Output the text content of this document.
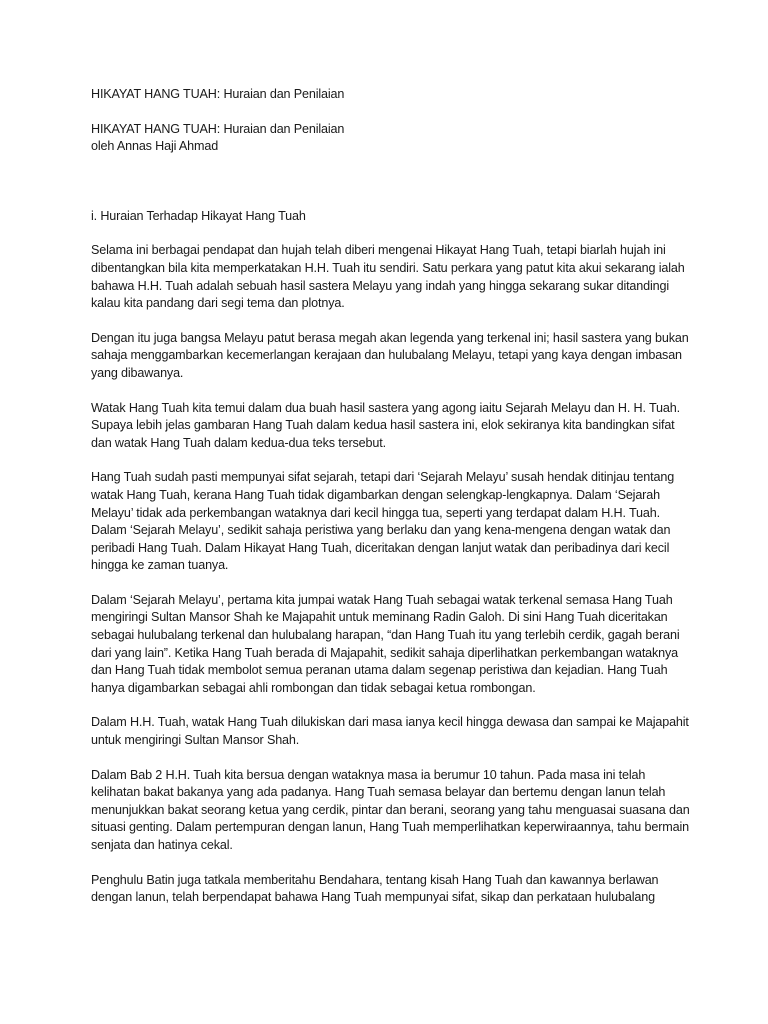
HIKAYAT HANG TUAH: Huraian dan Penilaian

HIKAYAT HANG TUAH: Huraian dan Penilaian
oleh Annas Haji Ahmad

i. Huraian Terhadap Hikayat Hang Tuah

Selama ini berbagai pendapat dan hujah telah diberi mengenai Hikayat Hang Tuah, tetapi biarlah hujah ini dibentangkan bila kita memperkatakan H.H. Tuah itu sendiri. Satu perkara yang patut kita akui sekarang ialah bahawa H.H. Tuah adalah sebuah hasil sastera Melayu yang indah yang hingga sekarang sukar ditandingi kalau kita pandang dari segi tema dan plotnya.

Dengan itu juga bangsa Melayu patut berasa megah akan legenda yang terkenal ini; hasil sastera yang bukan sahaja menggambarkan kecemerlangan kerajaan dan hulubalang Melayu, tetapi yang kaya dengan imbasan yang dibawanya.

Watak Hang Tuah kita temui dalam dua buah hasil sastera yang agong iaitu Sejarah Melayu dan H. H. Tuah. Supaya lebih jelas gambaran Hang Tuah dalam kedua hasil sastera ini, elok sekiranya kita bandingkan sifat dan watak Hang Tuah dalam kedua-dua teks tersebut.

Hang Tuah sudah pasti mempunyai sifat sejarah, tetapi dari ‘Sejarah Melayu’ susah hendak ditinjau tentang watak Hang Tuah, kerana Hang Tuah tidak digambarkan dengan selengkap-lengkapnya. Dalam ‘Sejarah Melayu’ tidak ada perkembangan wataknya dari kecil hingga tua, seperti yang terdapat dalam H.H. Tuah. Dalam ‘Sejarah Melayu’, sedikit sahaja peristiwa yang berlaku dan yang kena-mengena dengan watak dan peribadi Hang Tuah. Dalam Hikayat Hang Tuah, diceritakan dengan lanjut watak dan peribadinya dari kecil hingga ke zaman tuanya.

Dalam ‘Sejarah Melayu’, pertama kita jumpai watak Hang Tuah sebagai watak terkenal semasa Hang Tuah mengiringi Sultan Mansor Shah ke Majapahit untuk meminang Radin Galoh. Di sini Hang Tuah diceritakan sebagai hulubalang terkenal dan hulubalang harapan, “dan Hang Tuah itu yang terlebih cerdik, gagah berani dari yang lain”. Ketika Hang Tuah berada di Majapahit, sedikit sahaja diperlihatkan perkembangan wataknya dan Hang Tuah tidak membolot semua peranan utama dalam segenap peristiwa dan kejadian. Hang Tuah hanya digambarkan sebagai ahli rombongan dan tidak sebagai ketua rombongan.

Dalam H.H. Tuah, watak Hang Tuah dilukiskan dari masa ianya kecil hingga dewasa dan sampai ke Majapahit untuk mengiringi Sultan Mansor Shah.

Dalam Bab 2 H.H. Tuah kita bersua dengan wataknya masa ia berumur 10 tahun. Pada masa ini telah kelihatan bakat bakanya yang ada padanya. Hang Tuah semasa belayar dan bertemu dengan lanun telah menunjukkan bakat seorang ketua yang cerdik, pintar dan berani, seorang yang tahu menguasai suasana dan situasi genting. Dalam pertempuran dengan lanun, Hang Tuah memperlihatkan keperwiraannya, tahu bermain senjata dan hatinya cekal.

Penghulu Batin juga tatkala memberitahu Bendahara, tentang kisah Hang Tuah dan kawannya berlawan dengan lanun, telah berpendapat bahawa Hang Tuah mempunyai sifat, sikap dan perkataan hulubalang
